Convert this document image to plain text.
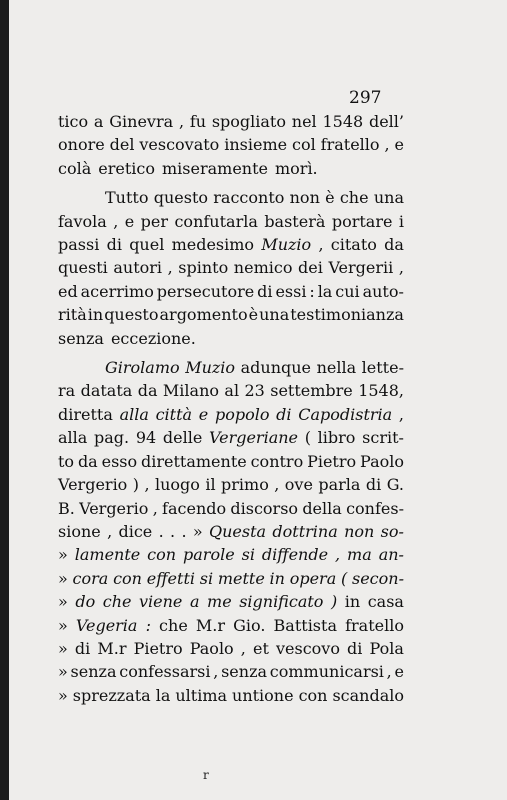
297
tico a Ginevra , fu spogliato nel 1548 dell’
onore del vescovato insieme col fratello , e
colà eretico miseramente morì.
Tutto questo racconto non è che una
favola , e per confutarla basterà portare i
passi di quel medesimo Muzio , citato da
questi autori , spinto nemico dei Vergerii ,
ed acerrimo persecutore di essi : la cui auto-
rità in questo argomento è una testimonianza
senza eccezione.
Girolamo Muzio adunque nella lette-
ra datata da Milano al 23 settembre 1548,
diretta alla città e popolo di Capodistria ,
alla pag. 94 delle Vergeriane ( libro scrit-
to da esso direttamente contro Pietro Paolo
Vergerio ) , luogo il primo , ove parla di G.
B. Vergerio , facendo discorso della confes-
sione , dice . . . » Questa dottrina non so-
» lamente con parole si diffende , ma an-
» cora con effetti si mette in opera ( secon-
» do che viene a me significato ) in casa
» Vegeria : che M.r Gio. Battista fratello
» di M.r Pietro Paolo , et vescovo di Pola
» senza confessarsi , senza communicarsi , e
» sprezzata la ultima untione con scandalo
r
